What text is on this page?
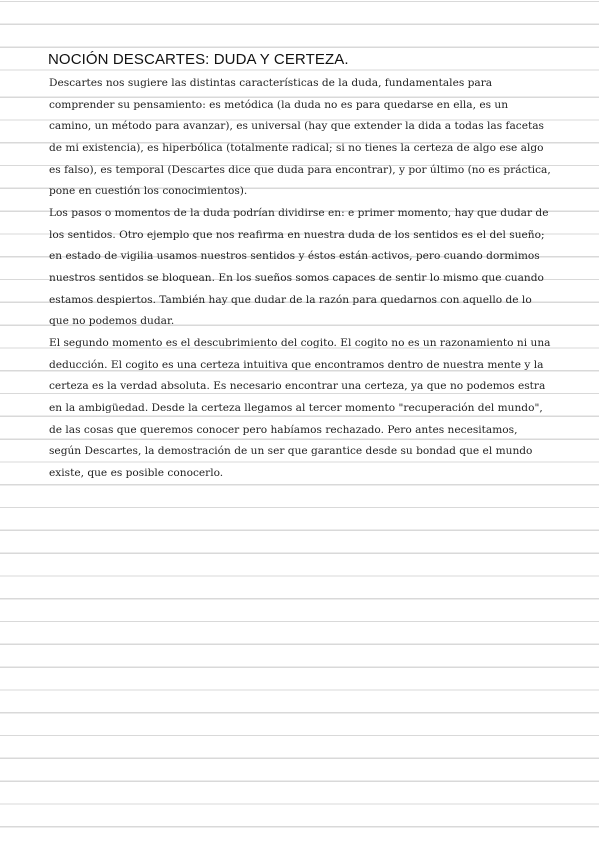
NOCIÓN DESCARTES: DUDA Y CERTEZA.

Descartes nos sugiere las distintas características de la duda, fundamentales para comprender su pensamiento: es metódica (la duda no es para quedarse en ella, es un camino, un método para avanzar), es universal (hay que extender la dida a todas las facetas de mi existencia), es hiperbólica (totalmente radical; si no tienes la certeza de algo ese algo es falso), es temporal (Descartes dice que duda para encontrar), y por último (no es práctica, pone en cuestión los conocimientos).

Los pasos o momentos de la duda podrían dividirse en: e primer momento, hay que dudar de los sentidos. Otro ejemplo que nos reafirma en nuestra duda de los sentidos es el del sueño; en estado de vigilia usamos nuestros sentidos y éstos están activos, pero cuando dormimos nuestros sentidos se bloquean. En los sueños somos capaces de sentir lo mismo que cuando estamos despiertos. También hay que dudar de la razón para quedarnos con aquello de lo que no podemos dudar.

El segundo momento es el descubrimiento del cogito. El cogito no es un razonamiento ni una deducción. El cogito es una certeza intuitiva que encontramos dentro de nuestra mente y la certeza es la verdad absoluta. Es necesario encontrar una certeza, ya que no podemos estra en la ambigüedad. Desde la certeza llegamos al tercer momento "recuperación del mundo", de las cosas que queremos conocer pero habíamos rechazado. Pero antes necesitamos, según Descartes, la demostración de un ser que garantice desde su bondad que el mundo existe, que es posible conocerlo.
